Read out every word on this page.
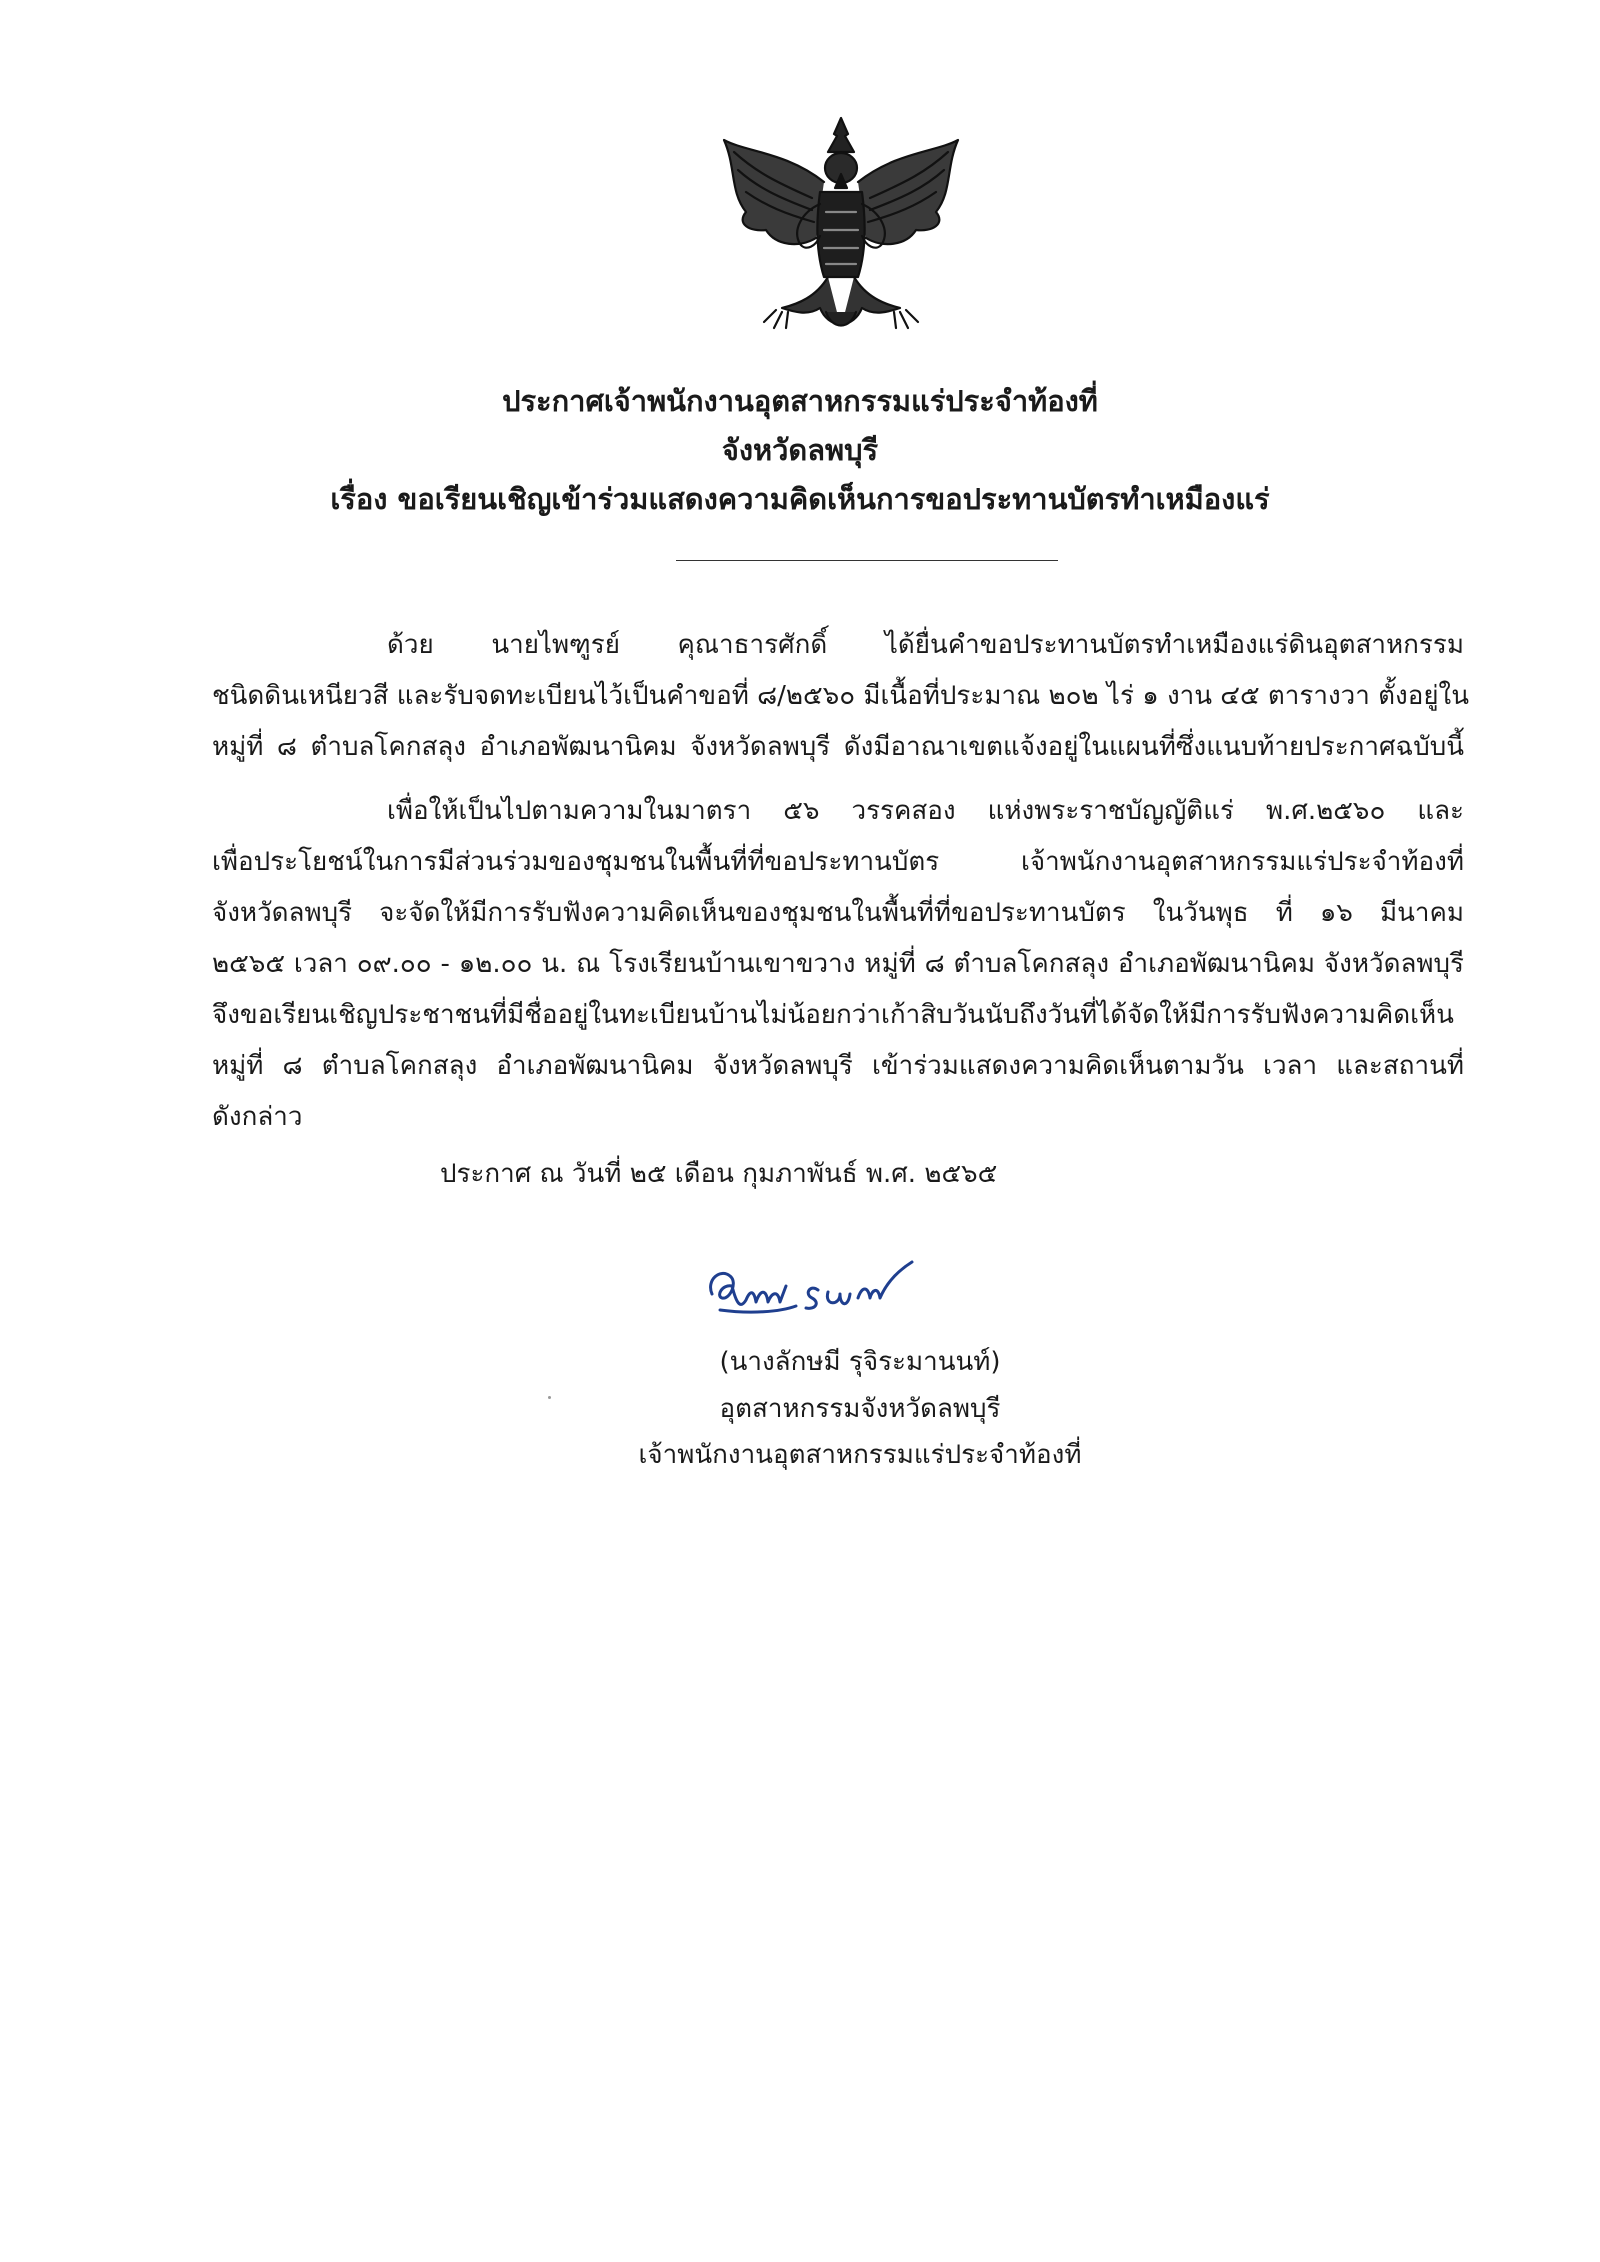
ประกาศเจ้าพนักงานอุตสาหกรรมแร่ประจำท้องที่
จังหวัดลพบุรี
เรื่อง ขอเรียนเชิญเข้าร่วมแสดงความคิดเห็นการขอประทานบัตรทำเหมืองแร่
ด้วย นายไพฑูรย์ คุณาธารศักดิ์ ได้ยื่นคำขอประทานบัตรทำเหมืองแร่ดินอุตสาหกรรม
ชนิดดินเหนียวสี และรับจดทะเบียนไว้เป็นคำขอที่ ๘/๒๕๖๐ มีเนื้อที่ประมาณ ๒๐๒ ไร่ ๑ งาน ๔๕ ตารางวา ตั้งอยู่ใน
หมู่ที่ ๘ ตำบลโคกสลุง อำเภอพัฒนานิคม จังหวัดลพบุรี ดังมีอาณาเขตแจ้งอยู่ในแผนที่ซึ่งแนบท้ายประกาศฉบับนี้
เพื่อให้เป็นไปตามความในมาตรา ๕๖ วรรคสอง แห่งพระราชบัญญัติแร่ พ.ศ.๒๕๖๐ และ
เพื่อประโยชน์ในการมีส่วนร่วมของชุมชนในพื้นที่ที่ขอประทานบัตร เจ้าพนักงานอุตสาหกรรมแร่ประจำท้องที่
จังหวัดลพบุรี จะจัดให้มีการรับฟังความคิดเห็นของชุมชนในพื้นที่ที่ขอประทานบัตร ในวันพุธ ที่ ๑๖ มีนาคม
๒๕๖๕ เวลา ๐๙.๐๐ - ๑๒.๐๐ น. ณ โรงเรียนบ้านเขาขวาง หมู่ที่ ๘ ตำบลโคกสลุง อำเภอพัฒนานิคม จังหวัดลพบุรี
จึงขอเรียนเชิญประชาชนที่มีชื่ออยู่ในทะเบียนบ้านไม่น้อยกว่าเก้าสิบวันนับถึงวันที่ได้จัดให้มีการรับฟังความคิดเห็น
หมู่ที่ ๘ ตำบลโคกสลุง อำเภอพัฒนานิคม จังหวัดลพบุรี เข้าร่วมแสดงความคิดเห็นตามวัน เวลา และสถานที่
ดังกล่าว
ประกาศ ณ วันที่ ๒๕ เดือน กุมภาพันธ์ พ.ศ. ๒๕๖๕
(นางลักษมี รุจิระมานนท์)
อุตสาหกรรมจังหวัดลพบุรี
เจ้าพนักงานอุตสาหกรรมแร่ประจำท้องที่
